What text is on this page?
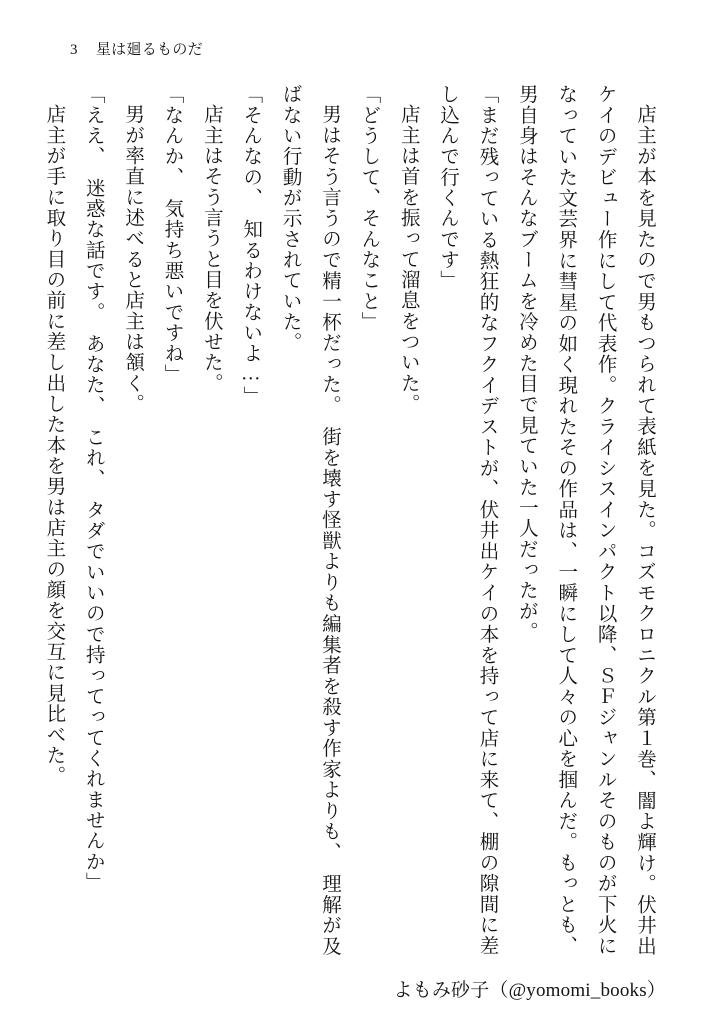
3 星は廻るものだ

店主が本を見たので男もつられて表紙を見た。コズモクロニクル第１巻、闇よ輝け。伏井出ケイのデビュー作にして代表作。クライシスインパクト以降、ＳＦジャンルそのものが下火になっていた文芸界に彗星の如く現れたその作品は、一瞬にして人々の心を掴んだ。もっとも、男自身はそんなブームを冷めた目で見ていた一人だったが。

「まだ残っている熱狂的なフクイデストが、伏井出ケイの本を持って店に来て、棚の隙間に差し込んで行くんです」

店主は首を振って溜息をついた。

「どうして、そんなこと」

男はそう言うので精一杯だった。　街を壊す怪獣よりも編集者を殺す作家よりも、　理解が及ばない行動が示されていた。

「そんなの、　知るわけないよ…」

店主はそう言うと目を伏せた。

「なんか、　気持ち悪いですね」

男が率直に述べると店主は頷く。

「ええ、　迷惑な話です。　あなた、　これ、　タダでいいので持ってってくれませんか」

店主が手に取り目の前に差し出した本を男は店主の顔を交互に見比べた。

よもみ砂子（@yomomi_books）
